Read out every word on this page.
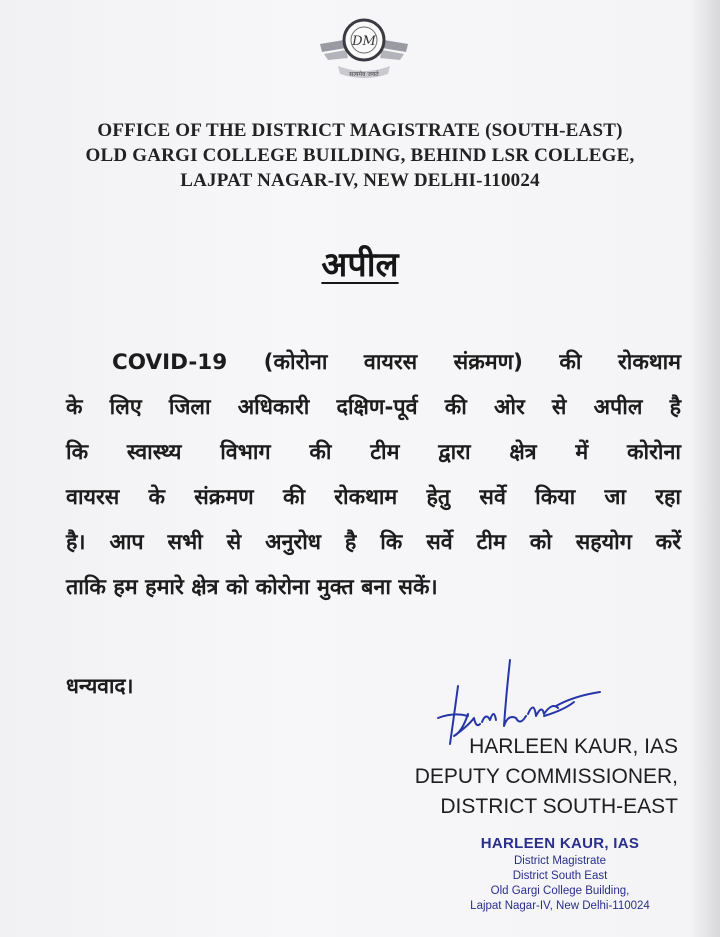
DM
सत्यमेव जयते
OFFICE OF THE DISTRICT MAGISTRATE (SOUTH-EAST)
OLD GARGI COLLEGE BUILDING, BEHIND LSR COLLEGE,
LAJPAT NAGAR-IV, NEW DELHI-110024
अपील
COVID-19 (कोरोना वायरस संक्रमण) की रोकथाम
के लिए जिला अधिकारी दक्षिण-पूर्व की ओर से अपील है
कि स्वास्थ्य विभाग की टीम द्वारा क्षेत्र में कोरोना
वायरस के संक्रमण की रोकथाम हेतु सर्वे किया जा रहा
है। आप सभी से अनुरोध है कि सर्वे टीम को सहयोग करें
ताकि हम हमारे क्षेत्र को कोरोना मुक्त बना सकें।
धन्यवाद।
HARLEEN KAUR, IAS
DEPUTY COMMISSIONER,
DISTRICT SOUTH-EAST
HARLEEN KAUR, IAS
District Magistrate
District South East
Old Gargi College Building,
Lajpat Nagar-IV, New Delhi-110024
